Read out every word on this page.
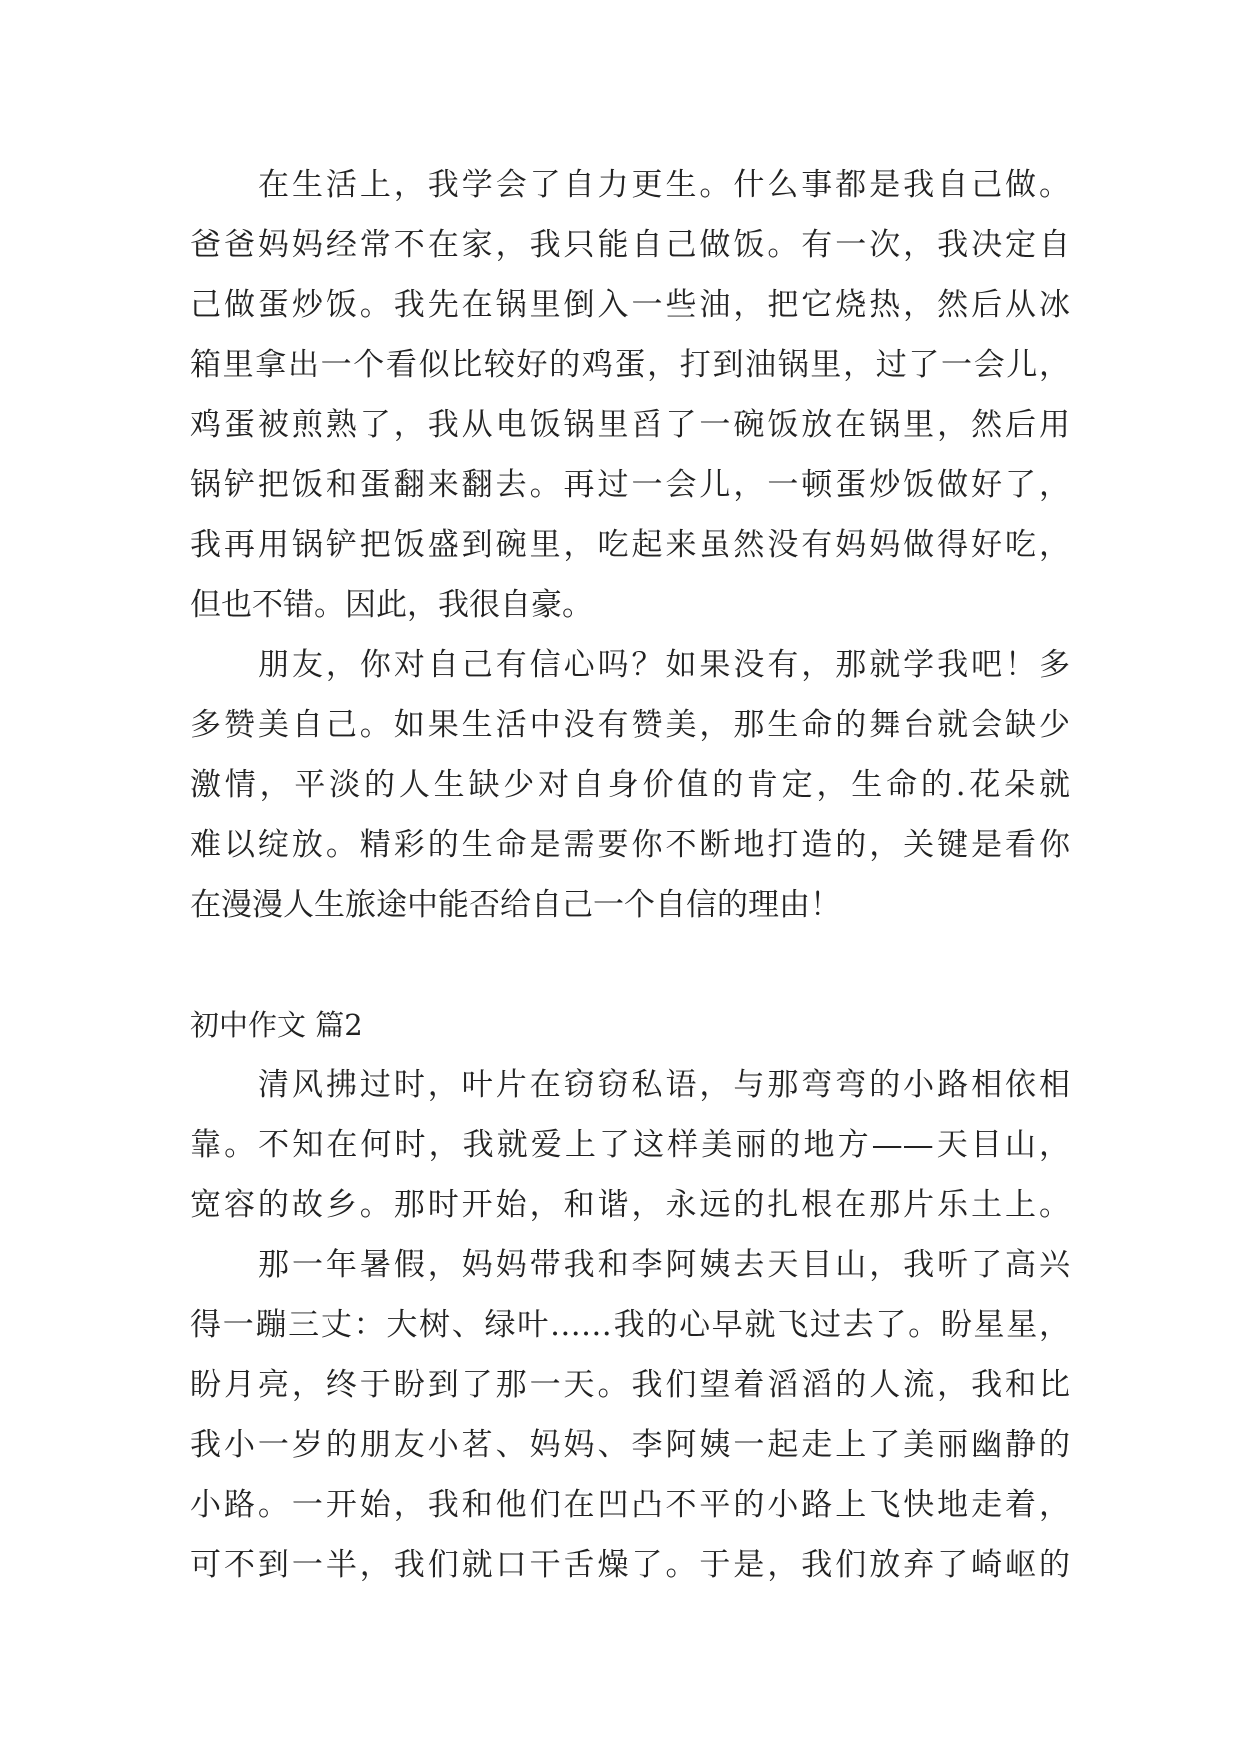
在生活上，我学会了自力更生。什么事都是我自己做。
爸爸妈妈经常不在家，我只能自己做饭。有一次，我决定自
己做蛋炒饭。我先在锅里倒入一些油，把它烧热，然后从冰
箱里拿出一个看似比较好的鸡蛋，打到油锅里，过了一会儿，
鸡蛋被煎熟了，我从电饭锅里舀了一碗饭放在锅里，然后用
锅铲把饭和蛋翻来翻去。再过一会儿，一顿蛋炒饭做好了，
我再用锅铲把饭盛到碗里，吃起来虽然没有妈妈做得好吃，
但也不错。因此，我很自豪。
朋友，你对自己有信心吗？如果没有，那就学我吧！多
多赞美自己。如果生活中没有赞美，那生命的舞台就会缺少
激情，平淡的人生缺少对自身价值的肯定，生命的.花朵就
难以绽放。精彩的生命是需要你不断地打造的，关键是看你
在漫漫人生旅途中能否给自己一个自信的理由！
初中作文 篇2
清风拂过时，叶片在窃窃私语，与那弯弯的小路相依相
靠。不知在何时，我就爱上了这样美丽的地方——天目山，
宽容的故乡。那时开始，和谐，永远的扎根在那片乐土上。
那一年暑假，妈妈带我和李阿姨去天目山，我听了高兴
得一蹦三丈：大树、绿叶……我的心早就飞过去了。盼星星，
盼月亮，终于盼到了那一天。我们望着滔滔的人流，我和比
我小一岁的朋友小茗、妈妈、李阿姨一起走上了美丽幽静的
小路。一开始，我和他们在凹凸不平的小路上飞快地走着，
可不到一半，我们就口干舌燥了。于是，我们放弃了崎岖的
